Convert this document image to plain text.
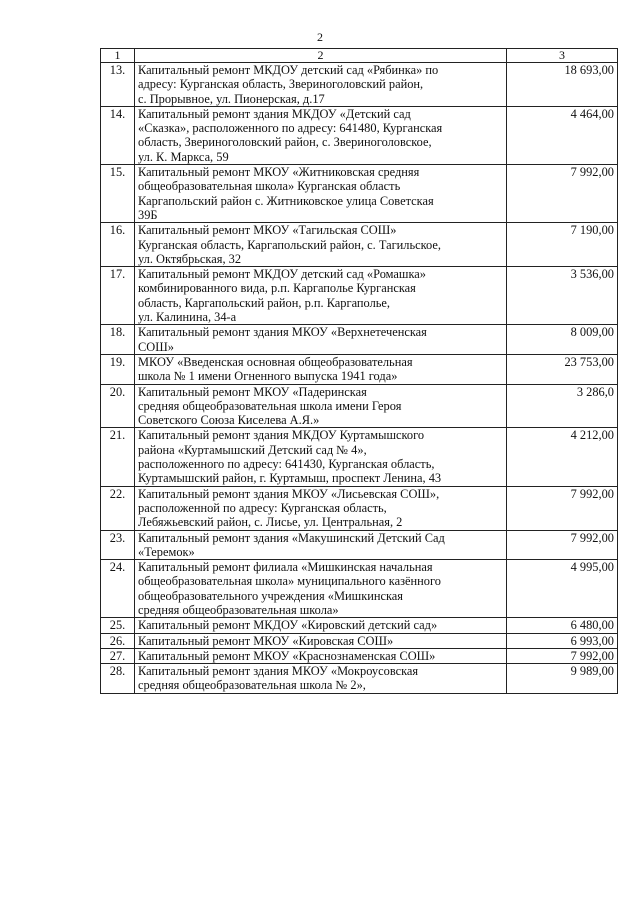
2
1	2	3
13.	Капитальный ремонт МКДОУ детский сад «Рябинка» по
адресу: Курганская область, Звериноголовский район,
с. Прорывное, ул. Пионерская, д.17	18 693,00
14.	Капитальный ремонт здания МКДОУ «Детский сад
«Сказка», расположенного по адресу: 641480, Курганская
область, Звериноголовский район, с. Звериноголовское,
ул. К. Маркса, 59	4 464,00
15.	Капитальный ремонт МКОУ «Житниковская средняя
общеобразовательная школа» Курганская область
Каргапольский район с. Житниковское улица Советская
39Б	7 992,00
16.	Капитальный ремонт МКОУ «Тагильская СОШ»
Курганская область, Каргапольский район, с. Тагильское,
ул. Октябрьская, 32	7 190,00
17.	Капитальный ремонт МКДОУ детский сад «Ромашка»
комбинированного вида, р.п. Каргаполье Курганская
область, Каргапольский район, р.п. Каргаполье,
ул. Калинина, 34-а	3 536,00
18.	Капитальный ремонт здания МКОУ «Верхнетеченская
СОШ»	8 009,00
19.	МКОУ «Введенская основная общеобразовательная
школа № 1 имени Огненного выпуска 1941 года»	23 753,00
20.	Капитальный ремонт МКОУ «Падеринская
средняя общеобразовательная школа имени Героя
Советского Союза Киселева А.Я.»	3 286,0
21.	Капитальный ремонт здания МКДОУ Куртамышского
района «Куртамышский Детский сад № 4»,
расположенного по адресу: 641430, Курганская область,
Куртамышский район, г. Куртамыш, проспект Ленина, 43	4 212,00
22.	Капитальный ремонт здания МКОУ «Лисьевская СОШ»,
расположенной по адресу: Курганская область,
Лебяжьевский район, с. Лисье, ул. Центральная, 2	7 992,00
23.	Капитальный ремонт здания «Макушинский Детский Сад
«Теремок»	7 992,00
24.	Капитальный ремонт филиала «Мишкинская начальная
общеобразовательная школа» муниципального казённого
общеобразовательного учреждения «Мишкинская
средняя общеобразовательная школа»	4 995,00
25.	Капитальный ремонт МКДОУ «Кировский детский сад»	6 480,00
26.	Капитальный ремонт МКОУ «Кировская СОШ»	6 993,00
27.	Капитальный ремонт МКОУ «Краснознаменская СОШ»	7 992,00
28.	Капитальный ремонт здания МКОУ «Мокроусовская
средняя общеобразовательная школа № 2»,	9 989,00
